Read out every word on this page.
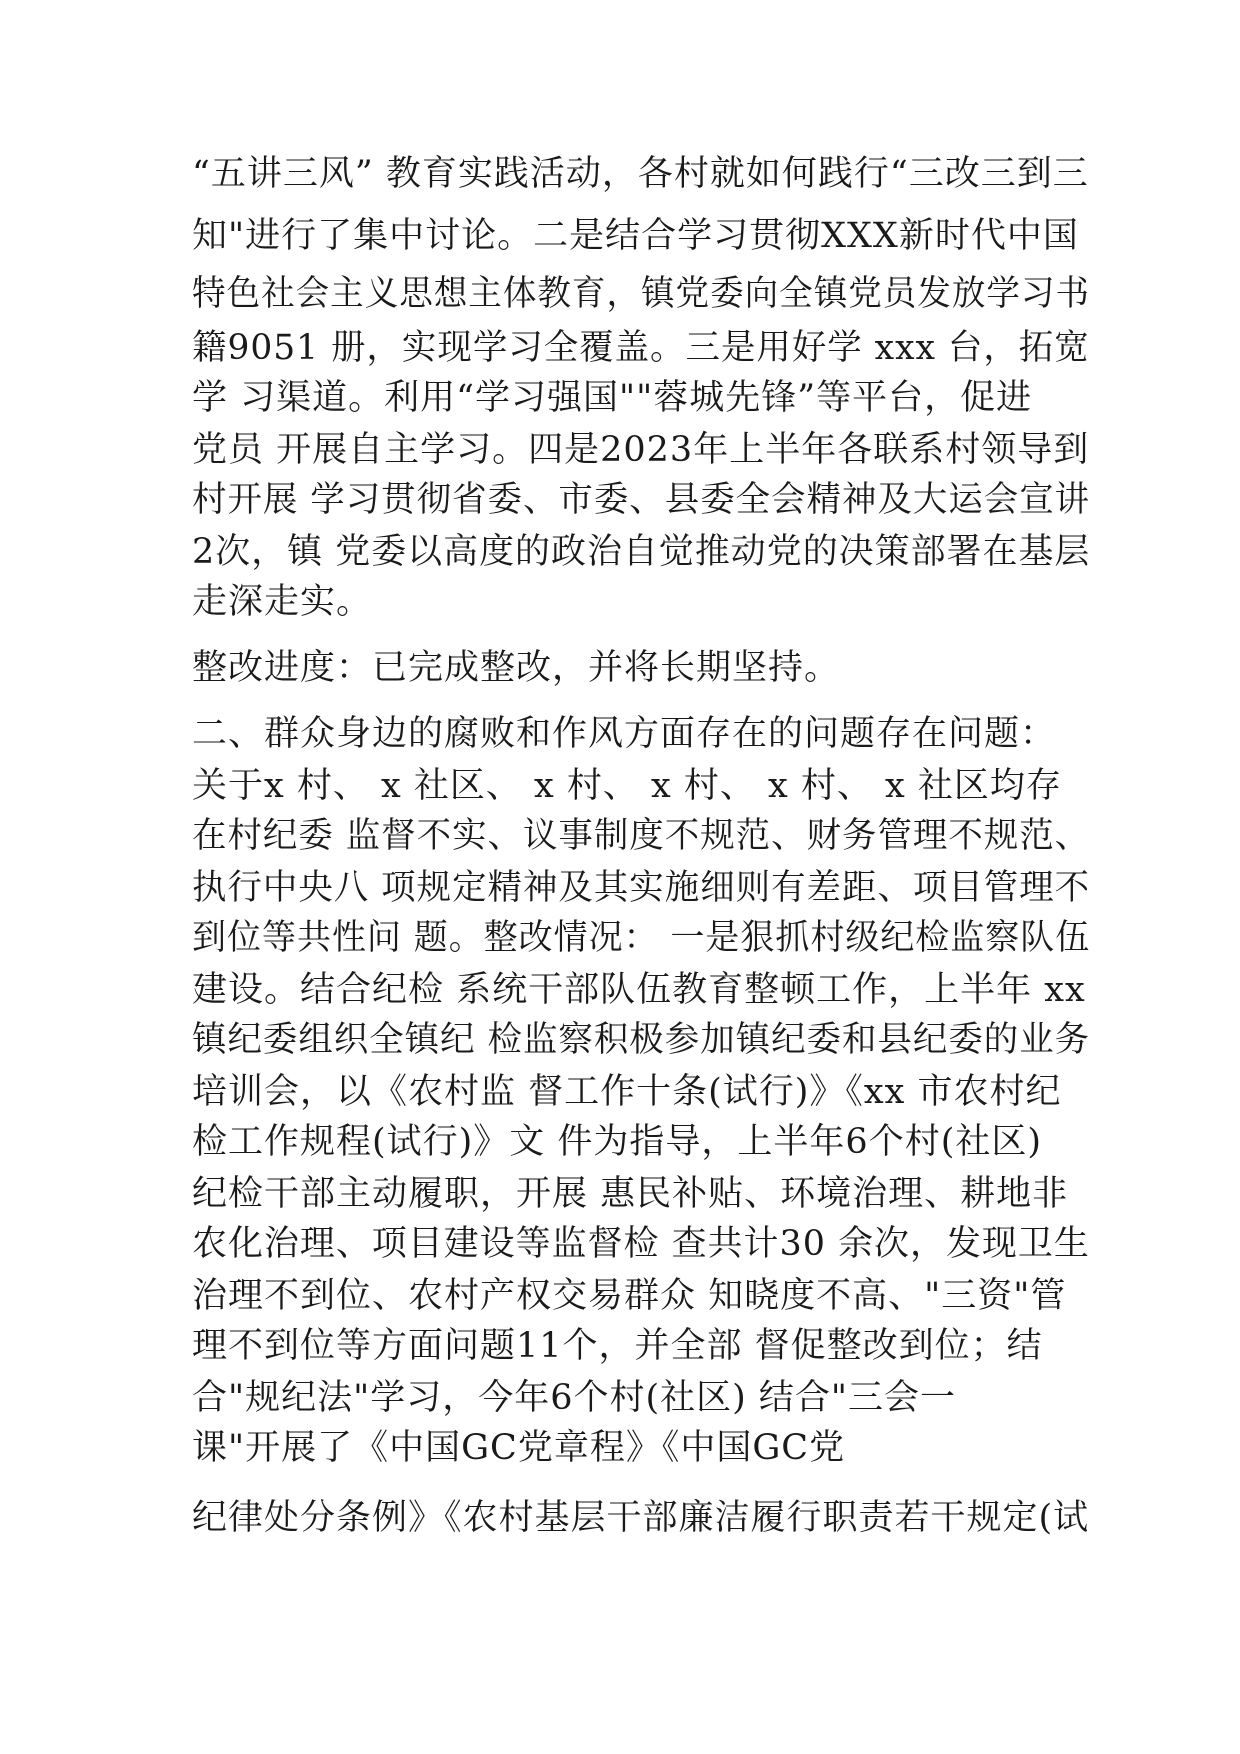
“五讲三风” 教育实践活动，各村就如何践行“三改三到三
知"进行了集中讨论。二是结合学习贯彻XXX新时代中国
特色社会主义思想主体教育，镇党委向全镇党员发放学习书
籍9051 册，实现学习全覆盖。三是用好学 xxx 台，拓宽
学 习渠道。利用“学习强国""蓉城先锋”等平台，促进
党员 开展自主学习。四是2023年上半年各联系村领导到
村开展 学习贯彻省委、市委、县委全会精神及大运会宣讲
2次，镇 党委以高度的政治自觉推动党的决策部署在基层
走深走实。
整改进度：已完成整改，并将长期坚持。
二、群众身边的腐败和作风方面存在的问题存在问题：
关于x 村、 x 社区、 x 村、 x 村、 x 村、 x 社区均存
在村纪委 监督不实、议事制度不规范、财务管理不规范、
执行中央八 项规定精神及其实施细则有差距、项目管理不
到位等共性问 题。整改情况： 一是狠抓村级纪检监察队伍
建设。结合纪检 系统干部队伍教育整顿工作，上半年 xx
镇纪委组织全镇纪 检监察积极参加镇纪委和县纪委的业务
培训会，以《农村监 督工作十条(试行)》《xx 市农村纪
检工作规程(试行)》文 件为指导，上半年6个村(社区)
纪检干部主动履职，开展 惠民补贴、环境治理、耕地非
农化治理、项目建设等监督检 查共计30 余次，发现卫生
治理不到位、农村产权交易群众 知晓度不高、"三资"管
理不到位等方面问题11个，并全部 督促整改到位；结
合"规纪法"学习，今年6个村(社区) 结合"三会一
课"开展了《中国GC党章程》《中国GC党
纪律处分条例》《农村基层干部廉洁履行职责若干规定(试
